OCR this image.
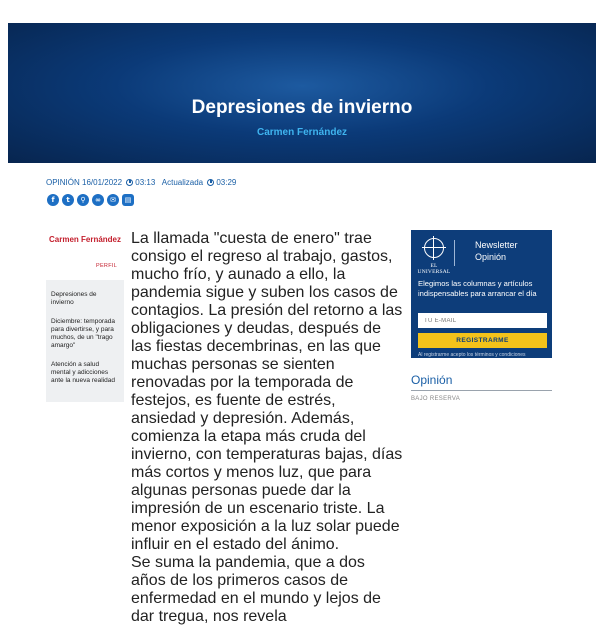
Depresiones de invierno
Carmen Fernández
OPINIÓN 16/01/2022 03:13 Actualizada 03:29
f	t	⚲	∞	✉	▤
Carmen Fernández
PERFIL
Depresiones de invierno
Diciembre: temporada para divertirse, y para muchos, de un "trago amargo"
Atención a salud mental y adicciones ante la nueva realidad

La llamada "cuesta de enero" trae consigo el regreso al trabajo, gastos, mucho frío, y aunado a ello, la pandemia sigue y suben los casos de contagios. La presión del retorno a las obligaciones y deudas, después de las fiestas decembrinas, en las que muchas personas se sienten renovadas por la temporada de festejos, es fuente de estrés, ansiedad y depresión. Además, comienza la etapa más cruda del invierno, con temperaturas bajas, días más cortos y menos luz, que para algunas personas puede dar la impresión de un escenario triste. La menor exposición a la luz solar puede influir en el estado del ánimo.

Se suma la pandemia, que a dos años de los primeros casos de enfermedad en el mundo y lejos de dar tregua, nos revela

EL UNIVERSAL
Newsletter
Opinión
Elegimos las columnas y artículos indispensables para arrancar el día
TU E-MAIL
REGISTRARME
Al registrarme acepto los términos y condiciones
Opinión
BAJO RESERVA
